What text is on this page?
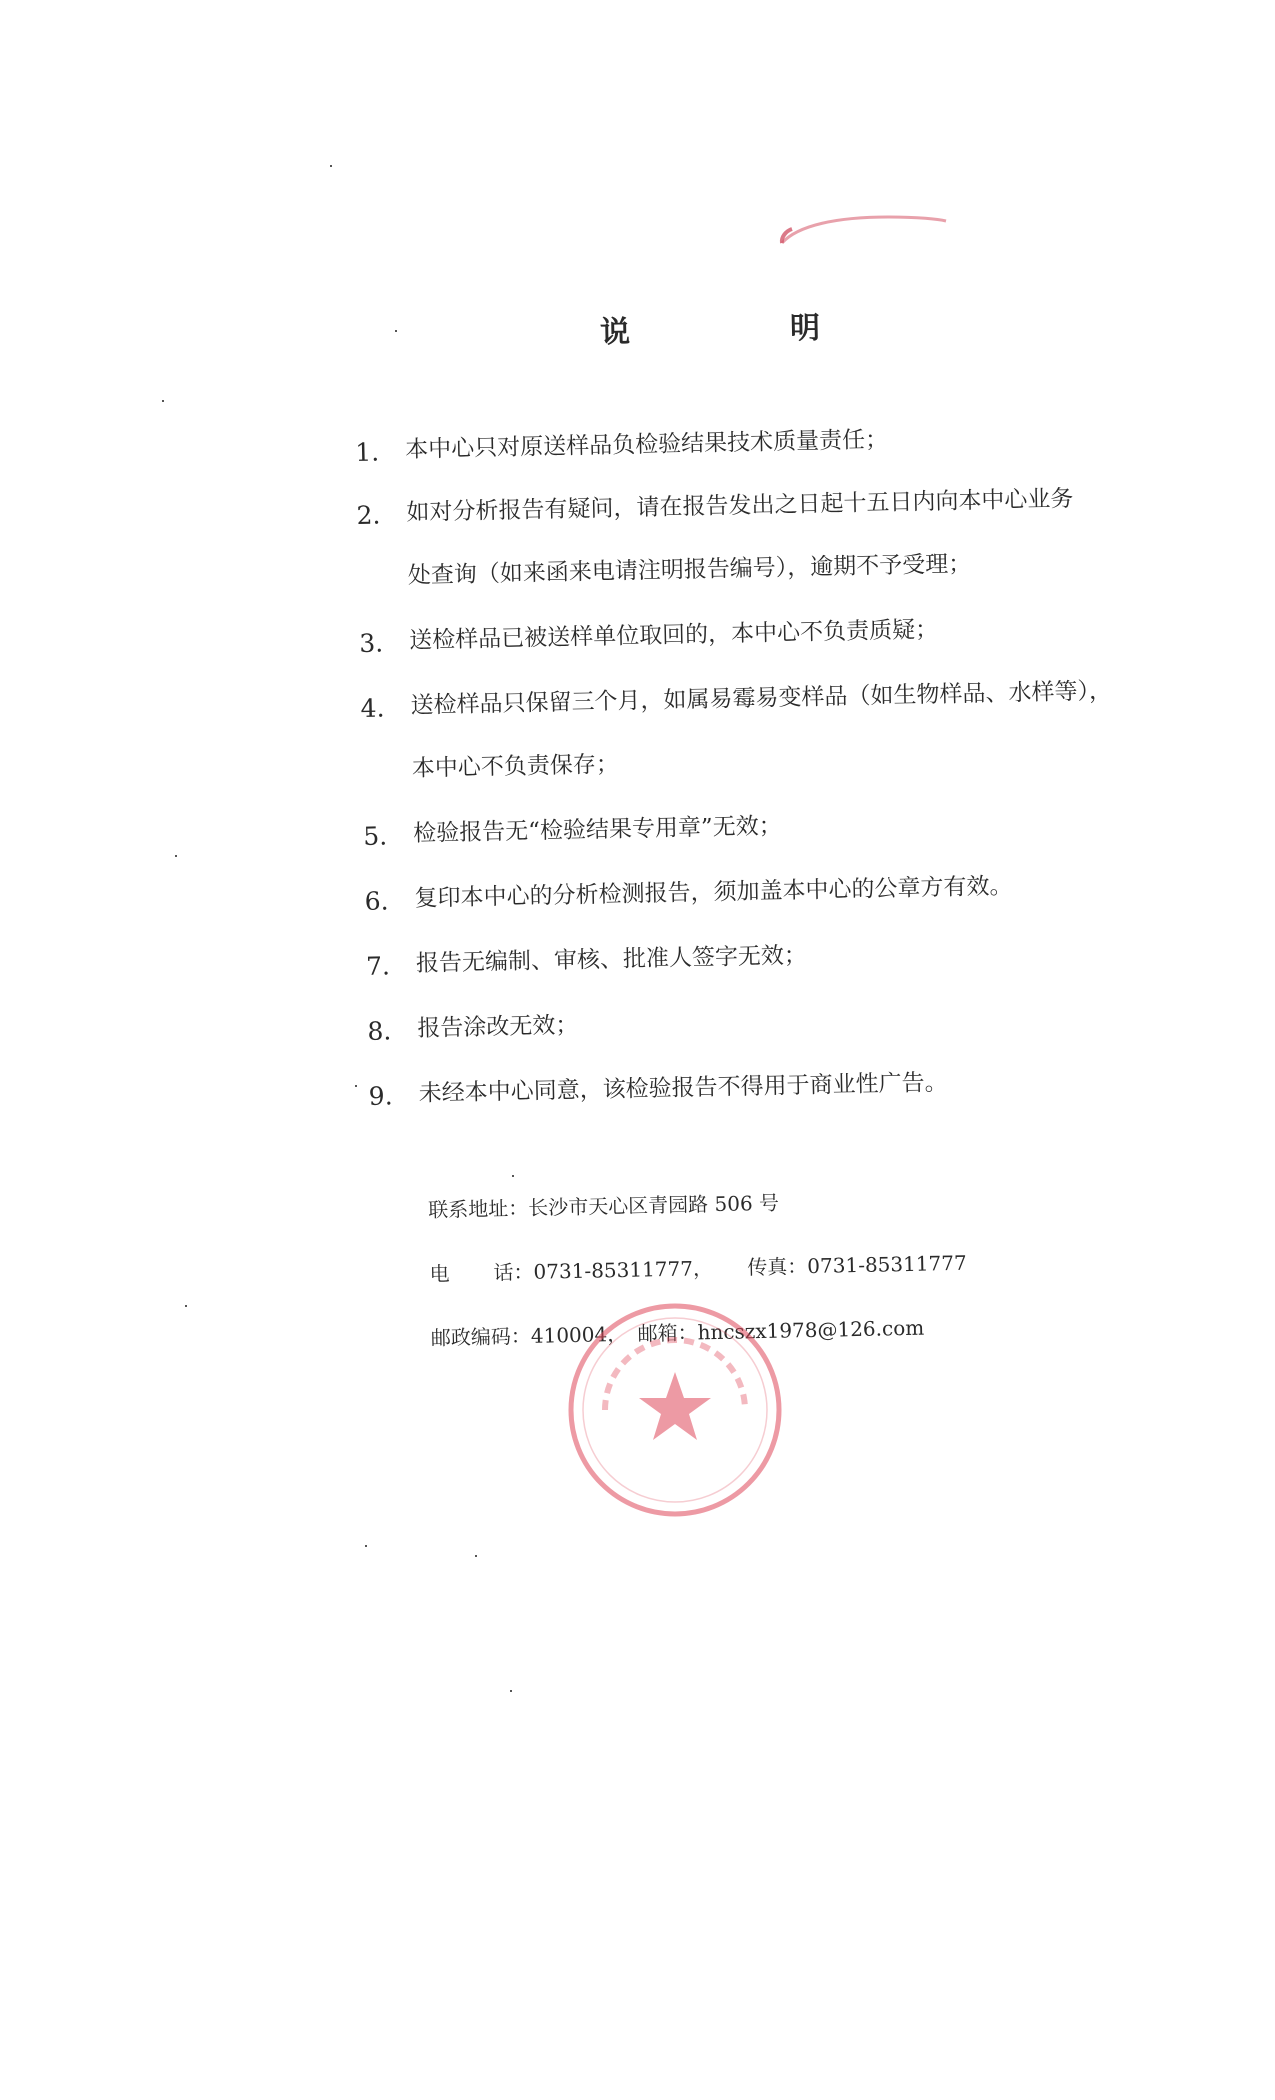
说	明
1. 本中心只对原送样品负检验结果技术质量责任；
2. 如对分析报告有疑问，请在报告发出之日起十五日内向本中心业务
处查询（如来函来电请注明报告编号），逾期不予受理；
3. 送检样品已被送样单位取回的，本中心不负责质疑；
4. 送检样品只保留三个月，如属易霉易变样品（如生物样品、水样等），
本中心不负责保存；
5. 检验报告无“检验结果专用章”无效；
6. 复印本中心的分析检测报告，须加盖本中心的公章方有效。
7. 报告无编制、审核、批准人签字无效；
8. 报告涂改无效；
9. 未经本中心同意，该检验报告不得用于商业性广告。
联系地址：长沙市天心区青园路 506 号
电 话：0731-85311777， 传真：0731-85311777
邮政编码：410004， 邮箱：hncszx1978@126.com
